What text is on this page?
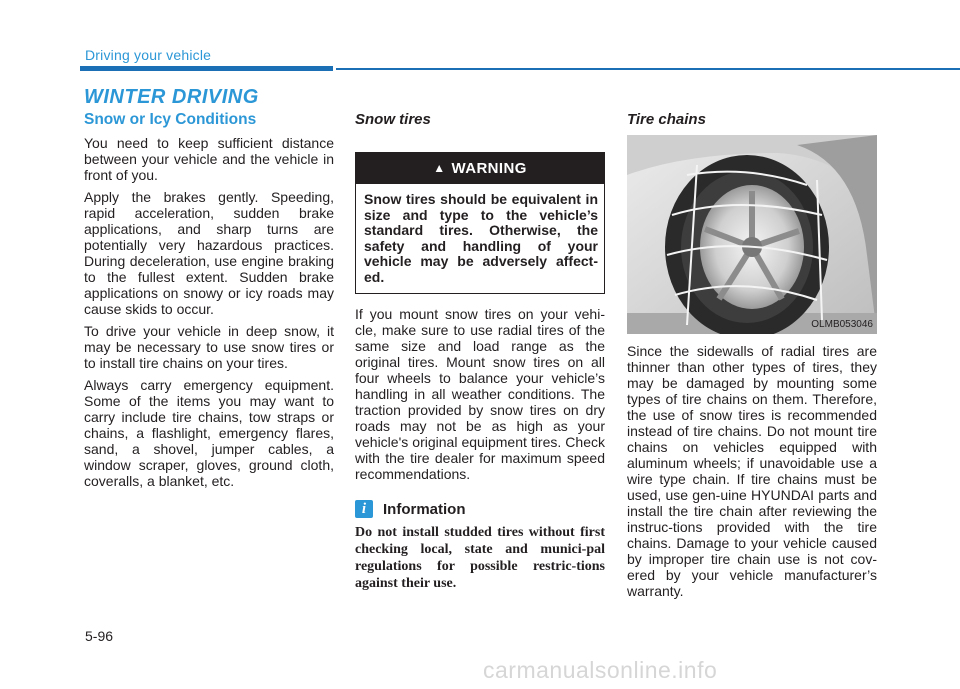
Driving your vehicle
WINTER DRIVING
Snow or Icy Conditions

You need to keep sufficient distance between your vehicle and the vehicle in front of you.

Apply the brakes gently. Speeding, rapid acceleration, sudden brake applications, and sharp turns are potentially very hazardous practices. During deceleration, use engine braking to the fullest extent. Sudden brake applications on snowy or icy roads may cause skids to occur.

To drive your vehicle in deep snow, it may be necessary to use snow tires or to install tire chains on your tires.

Always carry emergency equipment. Some of the items you may want to carry include tire chains, tow straps or chains, a flashlight, emergency flares, sand, a shovel, jumper cables, a window scraper, gloves, ground cloth, coveralls, a blanket, etc.

Snow tires
▲ WARNING
Snow tires should be equivalent in size and type to the vehicle’s standard tires. Otherwise, the safety and handling of your vehicle may be adversely affect-ed.

If you mount snow tires on your vehi-cle, make sure to use radial tires of the same size and load range as the original tires. Mount snow tires on all four wheels to balance your vehicle’s handling in all weather conditions. The traction provided by snow tires on dry roads may not be as high as your vehicle's original equipment tires. Check with the tire dealer for maximum speed recommendations.

i	Information
Do not install studded tires without first checking local, state and munici-pal regulations for possible restric-tions against their use.
Tire chains
OLMB053046

Since the sidewalls of radial tires are thinner than other types of tires, they may be damaged by mounting some types of tire chains on them. Therefore, the use of snow tires is recommended instead of tire chains. Do not mount tire chains on vehicles equipped with aluminum wheels; if unavoidable use a wire type chain. If tire chains must be used, use gen-uine HYUNDAI parts and install the tire chain after reviewing the instruc-tions provided with the tire chains. Damage to your vehicle caused by improper tire chain use is not cov-ered by your vehicle manufacturer’s warranty.

5-96
carmanualsonline.info
